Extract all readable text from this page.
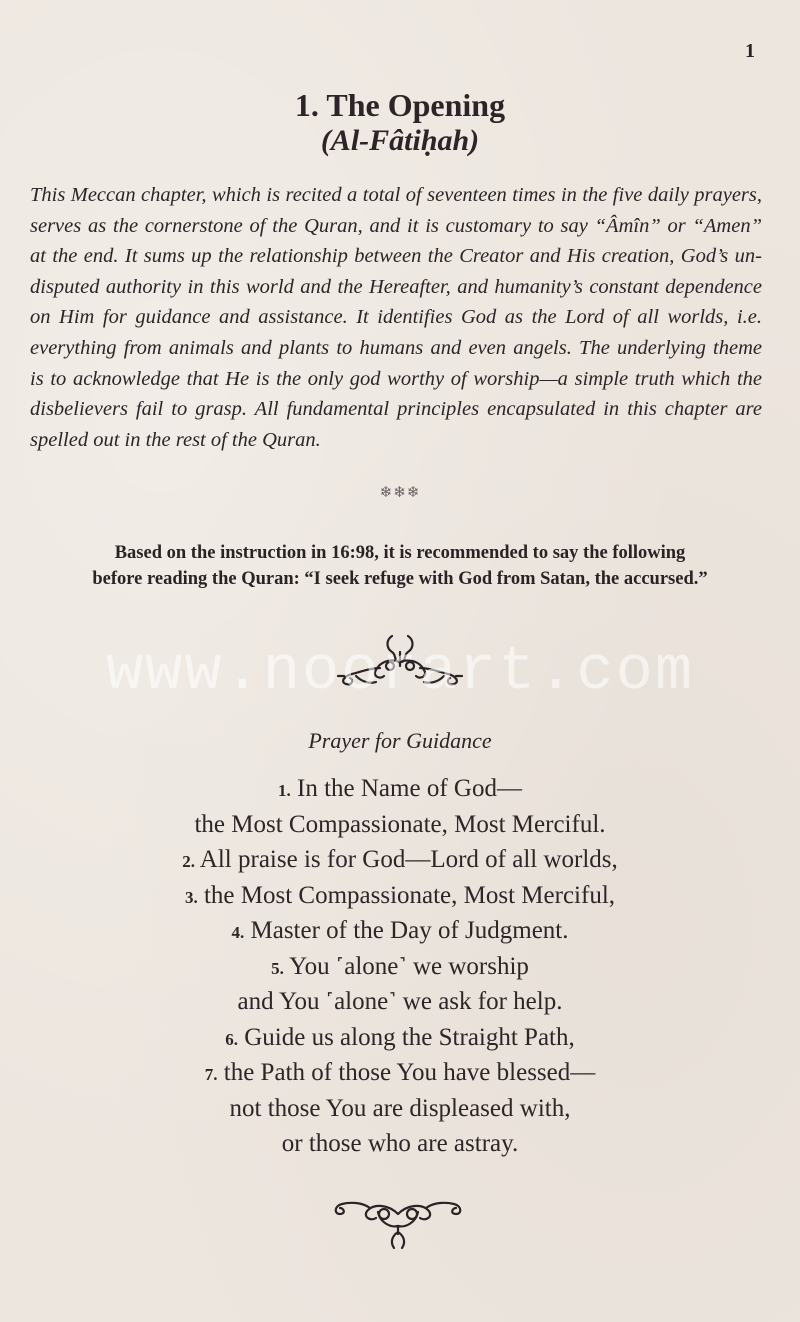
1
1. The Opening
(Al-Fâtiḥah)
This Meccan chapter, which is recited a total of seventeen times in the five daily prayers,
serves as the cornerstone of the Quran, and it is customary to say “Âmîn” or “Amen”
at the end. It sums up the relationship between the Creator and His creation, God’s un-
disputed authority in this world and the Hereafter, and humanity’s constant dependence
on Him for guidance and assistance. It identifies God as the Lord of all worlds, i.e.
everything from animals and plants to humans and even angels. The underlying theme
is to acknowledge that He is the only god worthy of worship—a simple truth which the
disbelievers fail to grasp. All fundamental principles encapsulated in this chapter are
spelled out in the rest of the Quran.
❄❄❄
Based on the instruction in 16:98, it is recommended to say the following
before reading the Quran: “I seek refuge with God from Satan, the accursed.”
www.noorart.com
Prayer for Guidance
1. In the Name of God—
the Most Compassionate, Most Merciful.
2. All praise is for God—Lord of all worlds,
3. the Most Compassionate, Most Merciful,
4. Master of the Day of Judgment.
5. You ˹alone˺ we worship
and You ˹alone˺ we ask for help.
6. Guide us along the Straight Path,
7. the Path of those You have blessed—
not those You are displeased with,
or those who are astray.
